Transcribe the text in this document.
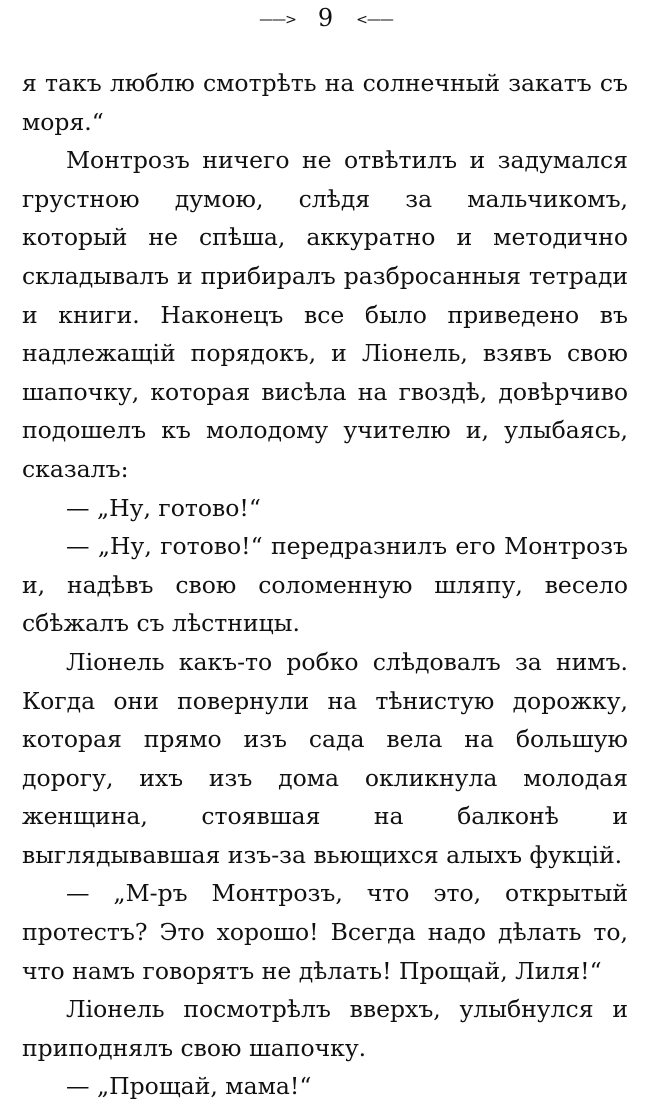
——> 9 <——

я такъ люблю смотрѣть на солнечный закатъ съ моря.“

Монтрозъ ничего не отвѣтилъ и задумался грустною думою, слѣдя за мальчикомъ, который не спѣша, аккуратно и методично складывалъ и прибиралъ разбросанныя тетради и книги. Наконецъ все было приведено въ надлежащій порядокъ, и Ліонель, взявъ свою шапочку, которая висѣла на гвоздѣ, довѣрчиво подошелъ къ молодому учителю и, улыбаясь, сказалъ:

— „Ну, готово!“

— „Ну, готово!“ передразнилъ его Монтрозъ и, надѣвъ свою соломенную шляпу, весело сбѣжалъ съ лѣстницы.

Ліонель какъ-то робко слѣдовалъ за нимъ. Когда они повернули на тѣнистую дорожку, которая прямо изъ сада вела на большую дорогу, ихъ изъ дома окликнула молодая женщина, стоявшая на балконѣ и выглядывавшая изъ-за вьющихся алыхъ фукцій.

— „М-ръ Монтрозъ, что это, открытый протестъ? Это хорошо! Всегда надо дѣлать то, что намъ говорятъ не дѣлать! Прощай, Лиля!“

Ліонель посмотрѣлъ вверхъ, улыбнулся и приподнялъ свою шапочку.

— „Прощай, мама!“
